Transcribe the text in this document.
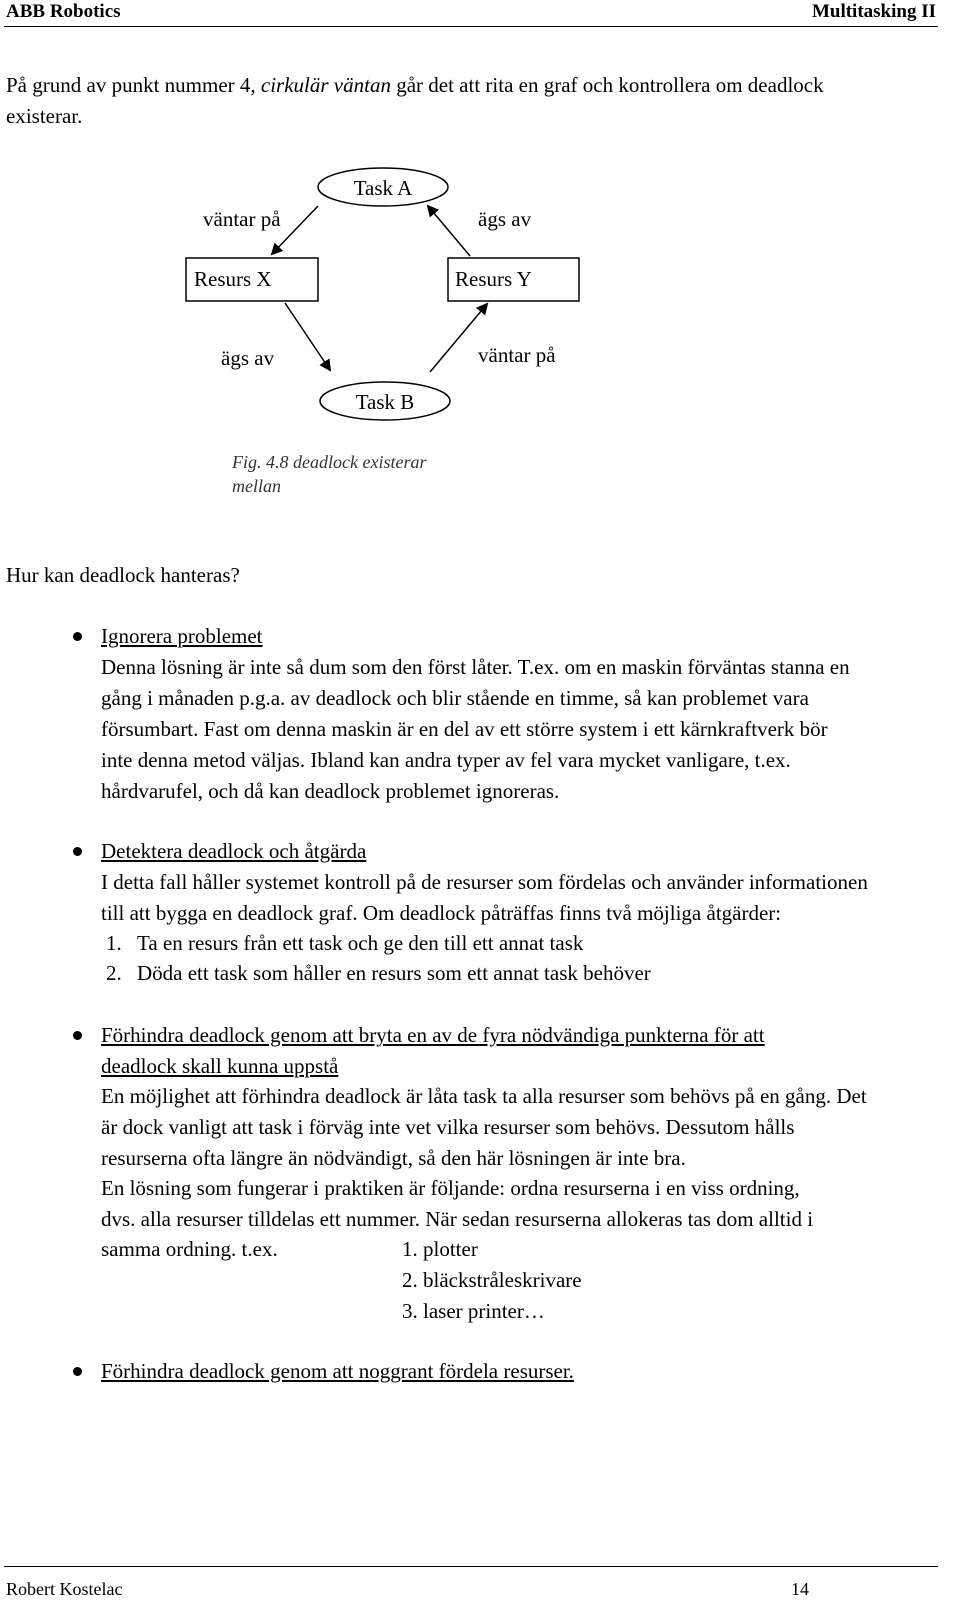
ABB Robotics	Multitasking II
På grund av punkt nummer 4, cirkulär väntan går det att rita en graf och kontrollera om deadlock
existerar.
Task A
Resurs X	Resurs Y
Task B
väntar på	ägs av
ägs av	väntar på
Fig. 4.8 deadlock existerar
mellan
Hur kan deadlock hanteras?
Ignorera problemet
Denna lösning är inte så dum som den först låter. T.ex. om en maskin förväntas stanna en
gång i månaden p.g.a. av deadlock och blir stående en timme, så kan problemet vara
försumbart. Fast om denna maskin är en del av ett större system i ett kärnkraftverk bör
inte denna metod väljas. Ibland kan andra typer av fel vara mycket vanligare, t.ex.
hårdvarufel, och då kan deadlock problemet ignoreras.
Detektera deadlock och åtgärda
I detta fall håller systemet kontroll på de resurser som fördelas och använder informationen
till att bygga en deadlock graf. Om deadlock påträffas finns två möjliga åtgärder:
1. Ta en resurs från ett task och ge den till ett annat task
2. Döda ett task som håller en resurs som ett annat task behöver
Förhindra deadlock genom att bryta en av de fyra nödvändiga punkterna för att
deadlock skall kunna uppstå
En möjlighet att förhindra deadlock är låta task ta alla resurser som behövs på en gång. Det
är dock vanligt att task i förväg inte vet vilka resurser som behövs. Dessutom hålls
resurserna ofta längre än nödvändigt, så den här lösningen är inte bra.
En lösning som fungerar i praktiken är följande: ordna resurserna i en viss ordning,
dvs. alla resurser tilldelas ett nummer. När sedan resurserna allokeras tas dom alltid i
samma ordning. t.ex.	1. plotter
2. bläckstråleskrivare
3. laser printer…
Förhindra deadlock genom att noggrant fördela resurser.
Robert Kostelac	14
